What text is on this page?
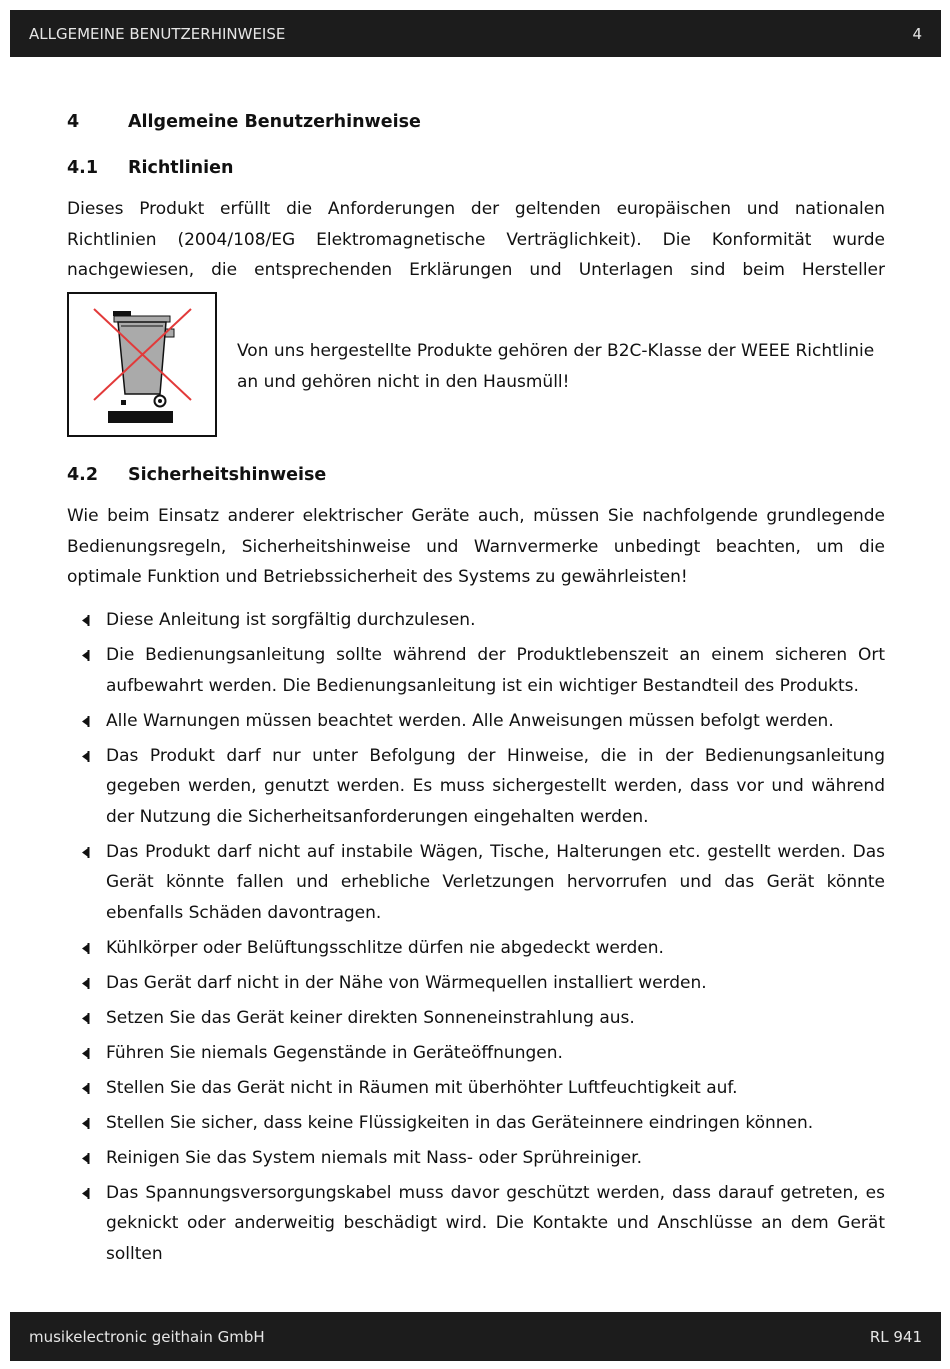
ALLGEMEINE BENUTZERHINWEISE	4
4	Allgemeine Benutzerhinweise
4.1	Richtlinien

Dieses Produkt erfüllt die Anforderungen der geltenden europäischen und nationalen Richtlinien (2004/108/EG Elektromagnetische Verträglichkeit). Die Konformität wurde nachgewiesen, die entsprechenden Erklärungen und Unterlagen sind beim Hersteller

Von uns hergestellte Produkte gehören der B2C-Klasse der WEEE Richtlinie an und gehören nicht in den Hausmüll!

4.2	Sicherheitshinweise

Wie beim Einsatz anderer elektrischer Geräte auch, müssen Sie nachfolgende grundlegende Bedienungsregeln, Sicherheitshinweise und Warnvermerke unbedingt beachten, um die optimale Funktion und Betriebssicherheit des Systems zu gewährleisten!

Diese Anleitung ist sorgfältig durchzulesen.
Die Bedienungsanleitung sollte während der Produktlebenszeit an einem sicheren Ort aufbewahrt werden. Die Bedienungsanleitung ist ein wichtiger Bestandteil des Produkts.
Alle Warnungen müssen beachtet werden. Alle Anweisungen müssen befolgt werden.
Das Produkt darf nur unter Befolgung der Hinweise, die in der Bedienungsanleitung gegeben werden, genutzt werden. Es muss sichergestellt werden, dass vor und während der Nutzung die Sicherheitsanforderungen eingehalten werden.
Das Produkt darf nicht auf instabile Wägen, Tische, Halterungen etc. gestellt werden. Das Gerät könnte fallen und erhebliche Verletzungen hervorrufen und das Gerät könnte ebenfalls Schäden davontragen.
Kühlkörper oder Belüftungsschlitze dürfen nie abgedeckt werden.
Das Gerät darf nicht in der Nähe von Wärmequellen installiert werden.
Setzen Sie das Gerät keiner direkten Sonneneinstrahlung aus.
Führen Sie niemals Gegenstände in Geräteöffnungen.
Stellen Sie das Gerät nicht in Räumen mit überhöhter Luftfeuchtigkeit auf.
Stellen Sie sicher, dass keine Flüssigkeiten in das Geräteinnere eindringen können.
Reinigen Sie das System niemals mit Nass- oder Sprühreiniger.
Das Spannungsversorgungskabel muss davor geschützt werden, dass darauf getreten, es geknickt oder anderweitig beschädigt wird. Die Kontakte und Anschlüsse an dem Gerät sollten
musikelectronic geithain GmbH	RL 941
